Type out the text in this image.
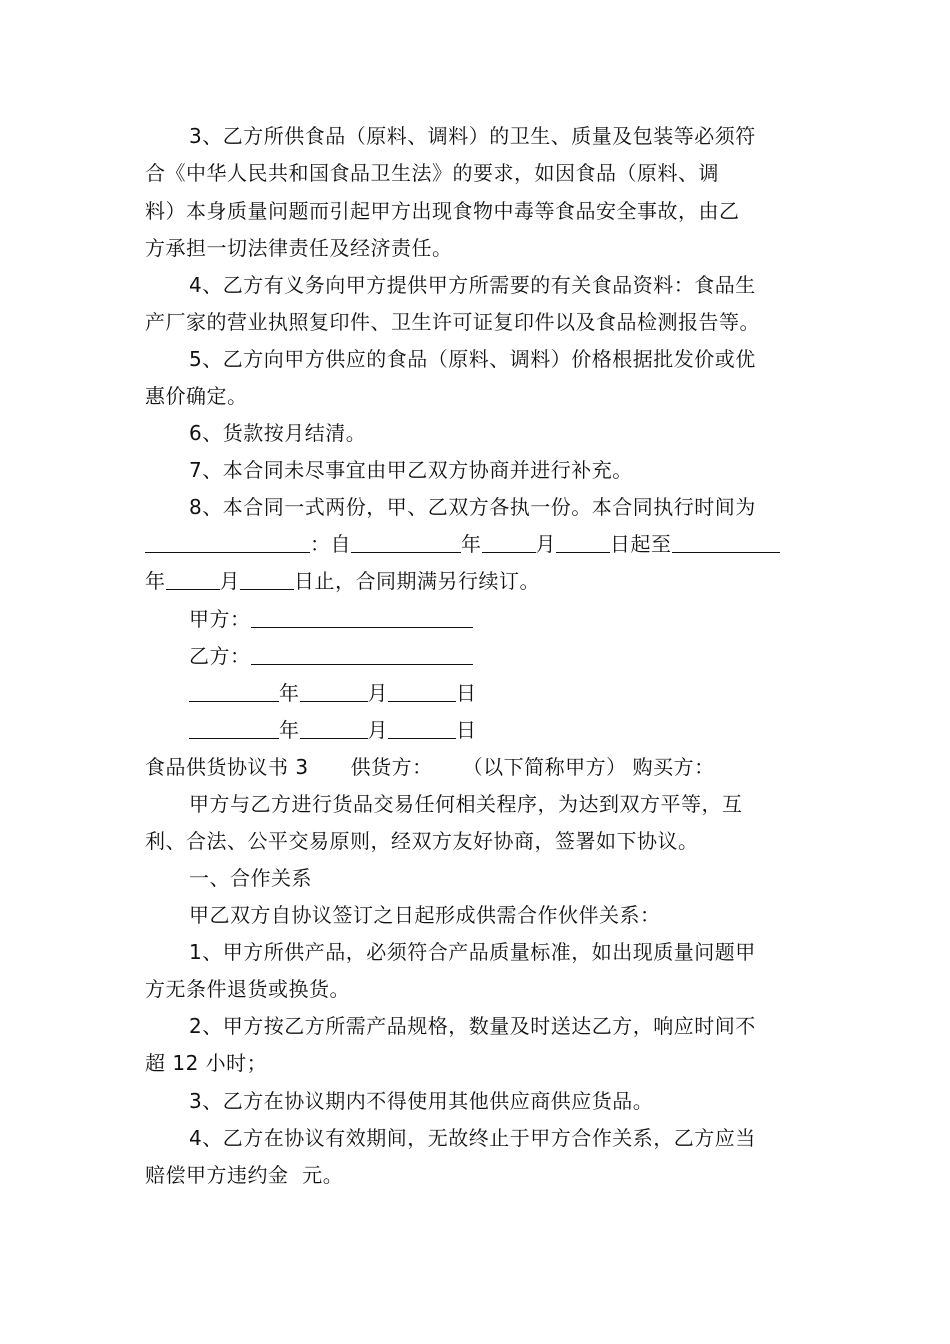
3、乙方所供食品（原料、调料）的卫生、质量及包装等必须符
合《中华人民共和国食品卫生法》的要求，如因食品（原料、调
料）本身质量问题而引起甲方出现食物中毒等食品安全事故，由乙
方承担一切法律责任及经济责任。
4、乙方有义务向甲方提供甲方所需要的有关食品资料：食品生
产厂家的营业执照复印件、卫生许可证复印件以及食品检测报告等。
5、乙方向甲方供应的食品（原料、调料）价格根据批发价或优
惠价确定。
6、货款按月结清。
7、本合同未尽事宜由甲乙双方协商并进行补充。
8、本合同一式两份，甲、乙双方各执一份。本合同执行时间为
：自	年	月	日起至
年	月	日止，合同期满另行续订。
甲方：
乙方：
年	月	日
年	月	日
食品供货协议书 3 供货方： （以下简称甲方） 购买方：
甲方与乙方进行货品交易任何相关程序，为达到双方平等，互
利、合法、公平交易原则，经双方友好协商，签署如下协议。
一、合作关系
甲乙双方自协议签订之日起形成供需合作伙伴关系：
1、甲方所供产品，必须符合产品质量标准，如出现质量问题甲
方无条件退货或换货。
2、甲方按乙方所需产品规格，数量及时送达乙方，响应时间不
超 12 小时；
3、乙方在协议期内不得使用其他供应商供应货品。
4、乙方在协议有效期间，无故终止于甲方合作关系，乙方应当
赔偿甲方违约金  元。
